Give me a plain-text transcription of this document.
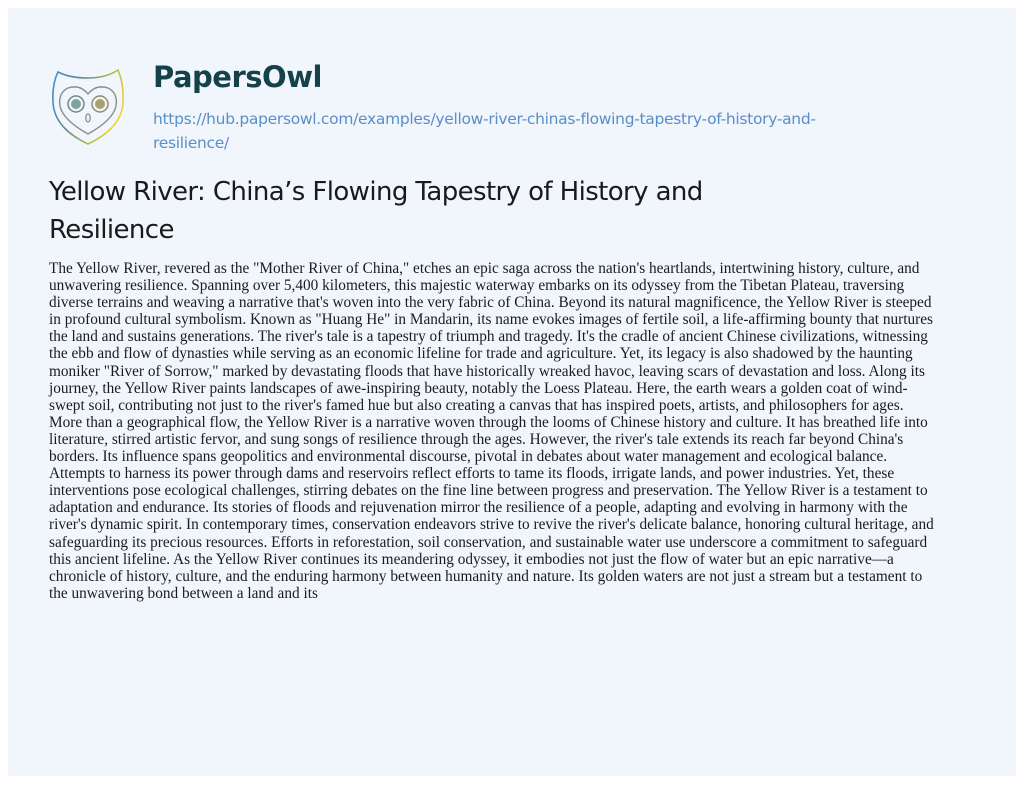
PapersOwl
https://hub.papersowl.com/examples/yellow-river-chinas-flowing-tapestry-of-history-and-
resilience/
Yellow River: China’s Flowing Tapestry of History and
Resilience
The Yellow River, revered as the "Mother River of China," etches an epic saga across the nation's heartlands, intertwining history, culture, and
unwavering resilience. Spanning over 5,400 kilometers, this majestic waterway embarks on its odyssey from the Tibetan Plateau, traversing
diverse terrains and weaving a narrative that's woven into the very fabric of China. Beyond its natural magnificence, the Yellow River is steeped
in profound cultural symbolism. Known as "Huang He" in Mandarin, its name evokes images of fertile soil, a life-affirming bounty that nurtures
the land and sustains generations. The river's tale is a tapestry of triumph and tragedy. It's the cradle of ancient Chinese civilizations, witnessing
the ebb and flow of dynasties while serving as an economic lifeline for trade and agriculture. Yet, its legacy is also shadowed by the haunting
moniker "River of Sorrow," marked by devastating floods that have historically wreaked havoc, leaving scars of devastation and loss. Along its
journey, the Yellow River paints landscapes of awe-inspiring beauty, notably the Loess Plateau. Here, the earth wears a golden coat of wind-
swept soil, contributing not just to the river's famed hue but also creating a canvas that has inspired poets, artists, and philosophers for ages.
More than a geographical flow, the Yellow River is a narrative woven through the looms of Chinese history and culture. It has breathed life into
literature, stirred artistic fervor, and sung songs of resilience through the ages. However, the river's tale extends its reach far beyond China's
borders. Its influence spans geopolitics and environmental discourse, pivotal in debates about water management and ecological balance.
Attempts to harness its power through dams and reservoirs reflect efforts to tame its floods, irrigate lands, and power industries. Yet, these
interventions pose ecological challenges, stirring debates on the fine line between progress and preservation. The Yellow River is a testament to
adaptation and endurance. Its stories of floods and rejuvenation mirror the resilience of a people, adapting and evolving in harmony with the
river's dynamic spirit. In contemporary times, conservation endeavors strive to revive the river's delicate balance, honoring cultural heritage, and
safeguarding its precious resources. Efforts in reforestation, soil conservation, and sustainable water use underscore a commitment to safeguard
this ancient lifeline. As the Yellow River continues its meandering odyssey, it embodies not just the flow of water but an epic narrative—a
chronicle of history, culture, and the enduring harmony between humanity and nature. Its golden waters are not just a stream but a testament to
the unwavering bond between a land and its
